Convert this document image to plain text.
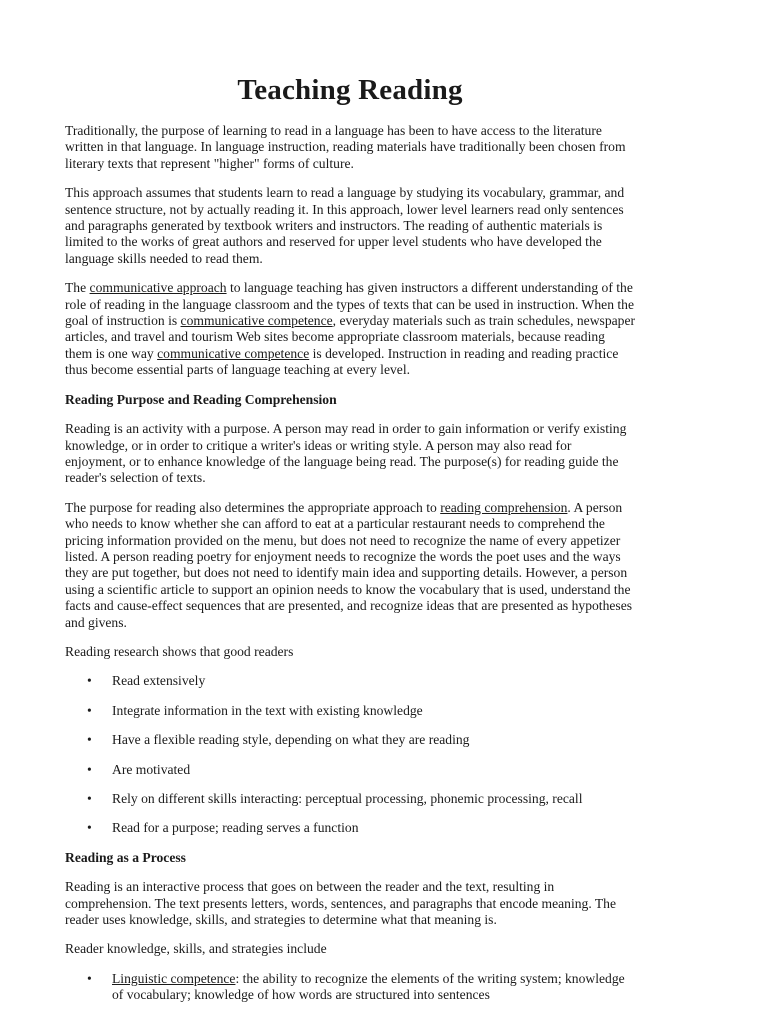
Teaching Reading

Traditionally, the purpose of learning to read in a language has been to have access to the literature written in that language. In language instruction, reading materials have traditionally been chosen from literary texts that represent "higher" forms of culture.

This approach assumes that students learn to read a language by studying its vocabulary, grammar, and sentence structure, not by actually reading it. In this approach, lower level learners read only sentences and paragraphs generated by textbook writers and instructors. The reading of authentic materials is limited to the works of great authors and reserved for upper level students who have developed the language skills needed to read them.

The communicative approach to language teaching has given instructors a different understanding of the role of reading in the language classroom and the types of texts that can be used in instruction. When the goal of instruction is communicative competence, everyday materials such as train schedules, newspaper articles, and travel and tourism Web sites become appropriate classroom materials, because reading them is one way communicative competence is developed. Instruction in reading and reading practice thus become essential parts of language teaching at every level.

Reading Purpose and Reading Comprehension

Reading is an activity with a purpose. A person may read in order to gain information or verify existing knowledge, or in order to critique a writer's ideas or writing style. A person may also read for enjoyment, or to enhance knowledge of the language being read. The purpose(s) for reading guide the reader's selection of texts.

The purpose for reading also determines the appropriate approach to reading comprehension. A person who needs to know whether she can afford to eat at a particular restaurant needs to comprehend the pricing information provided on the menu, but does not need to recognize the name of every appetizer listed. A person reading poetry for enjoyment needs to recognize the words the poet uses and the ways they are put together, but does not need to identify main idea and supporting details. However, a person using a scientific article to support an opinion needs to know the vocabulary that is used, understand the facts and cause-effect sequences that are presented, and recognize ideas that are presented as hypotheses and givens.

Reading research shows that good readers

• Read extensively
• Integrate information in the text with existing knowledge
• Have a flexible reading style, depending on what they are reading
• Are motivated
• Rely on different skills interacting: perceptual processing, phonemic processing, recall
• Read for a purpose; reading serves a function
Reading as a Process

Reading is an interactive process that goes on between the reader and the text, resulting in comprehension. The text presents letters, words, sentences, and paragraphs that encode meaning. The reader uses knowledge, skills, and strategies to determine what that meaning is.

Reader knowledge, skills, and strategies include

• Linguistic competence: the ability to recognize the elements of the writing system; knowledge of vocabulary; knowledge of how words are structured into sentences
